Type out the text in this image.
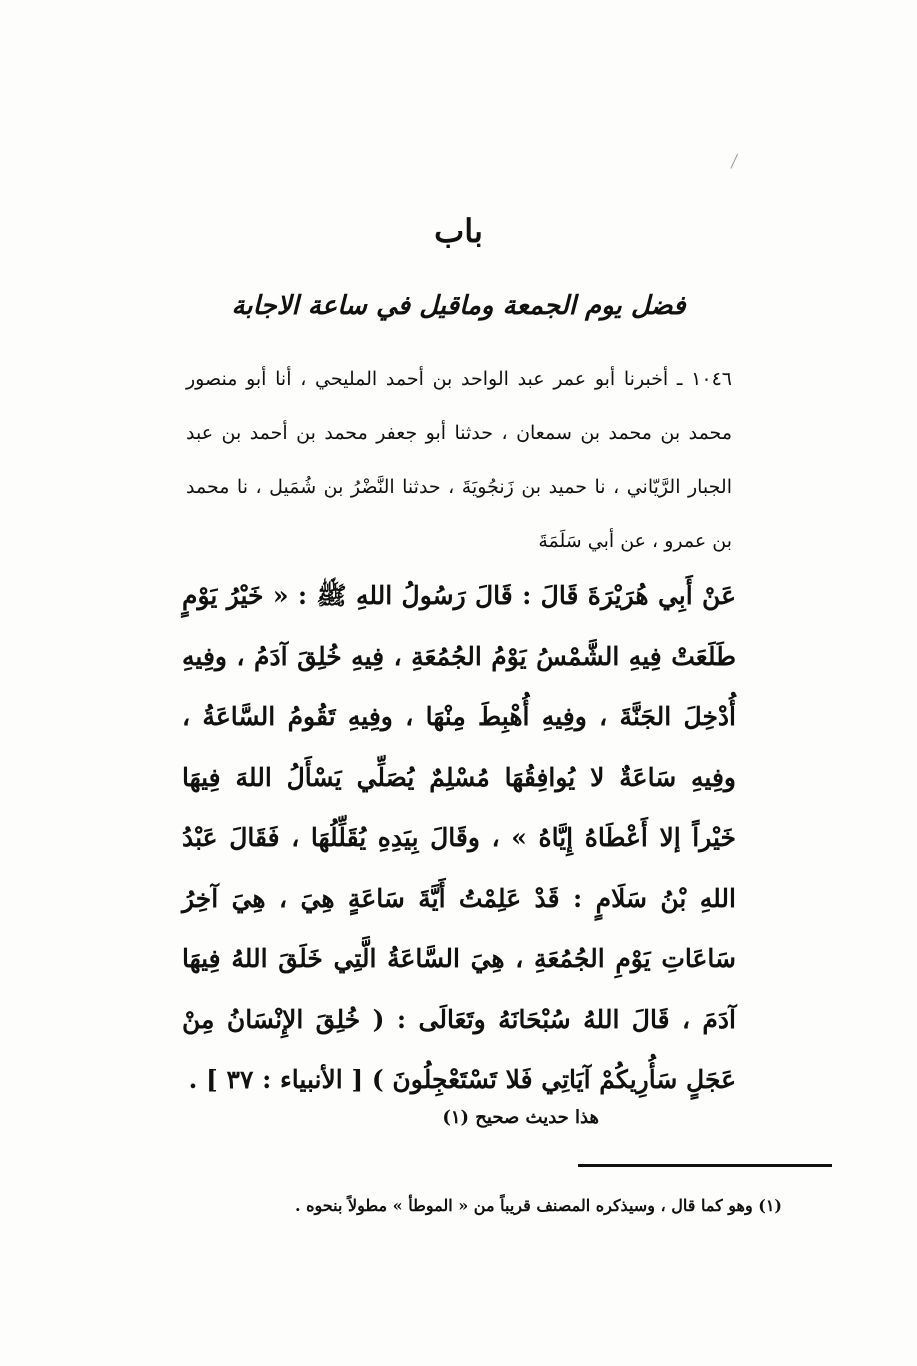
باب
فضل يوم الجمعة وماقيل في ساعة الاجابة

١٠٤٦ ـ أخبرنا أبو عمر عبد الواحد بن أحمد المليحي ، أنا أبو منصور محمد بن محمد بن سمعان ، حدثنا أبو جعفر محمد بن أحمد بن عبد الجبار الرَّيّاني ، نا حميد بن زَنجُويَةَ ، حدثنا النَّضْرُ بن شُمَيل ، نا محمد بن عمرو ، عن أبي سَلَمَةَ

عَنْ أَبِي هُرَيْرَةَ قَالَ : قَالَ رَسُولُ اللهِ ﷺ : « خَيْرُ يَوْمٍ طَلَعَتْ فِيهِ الشَّمْسُ يَوْمُ الجُمُعَةِ ، فِيهِ خُلِقَ آدَمُ ، وفِيهِ أُدْخِلَ الجَنَّةَ ، وفِيهِ أُهْبِطَ مِنْهَا ، وفِيهِ تَقُومُ السَّاعَةُ ، وفِيهِ سَاعَةٌ لا يُوافِقُهَا مُسْلِمٌ يُصَلِّي يَسْأَلُ اللهَ فِيهَا خَيْراً إلا أَعْطَاهُ إِيَّاهُ » ، وقَالَ بِيَدِهِ يُقَلِّلُهَا ، فَقَالَ عَبْدُ اللهِ بْنُ سَلَامٍ : قَدْ عَلِمْتُ أَيَّةَ سَاعَةٍ هِيَ ، هِيَ آخِرُ سَاعَاتِ يَوْمِ الجُمُعَةِ ، هِيَ السَّاعَةُ الَّتِي خَلَقَ اللهُ فِيهَا آدَمَ ، قَالَ اللهُ سُبْحَانَهُ وتَعَالَى : ( خُلِقَ الإِنْسَانُ مِنْ عَجَلٍ سَأُرِيكُمْ آيَاتِي فَلا تَسْتَعْجِلُونَ ) [ الأنبياء : ٣٧ ] .

هذا حديث صحيح (١)
(١) وهو كما قال ، وسيذكره المصنف قريباً من « الموطأ » مطولاً بنحوه .
